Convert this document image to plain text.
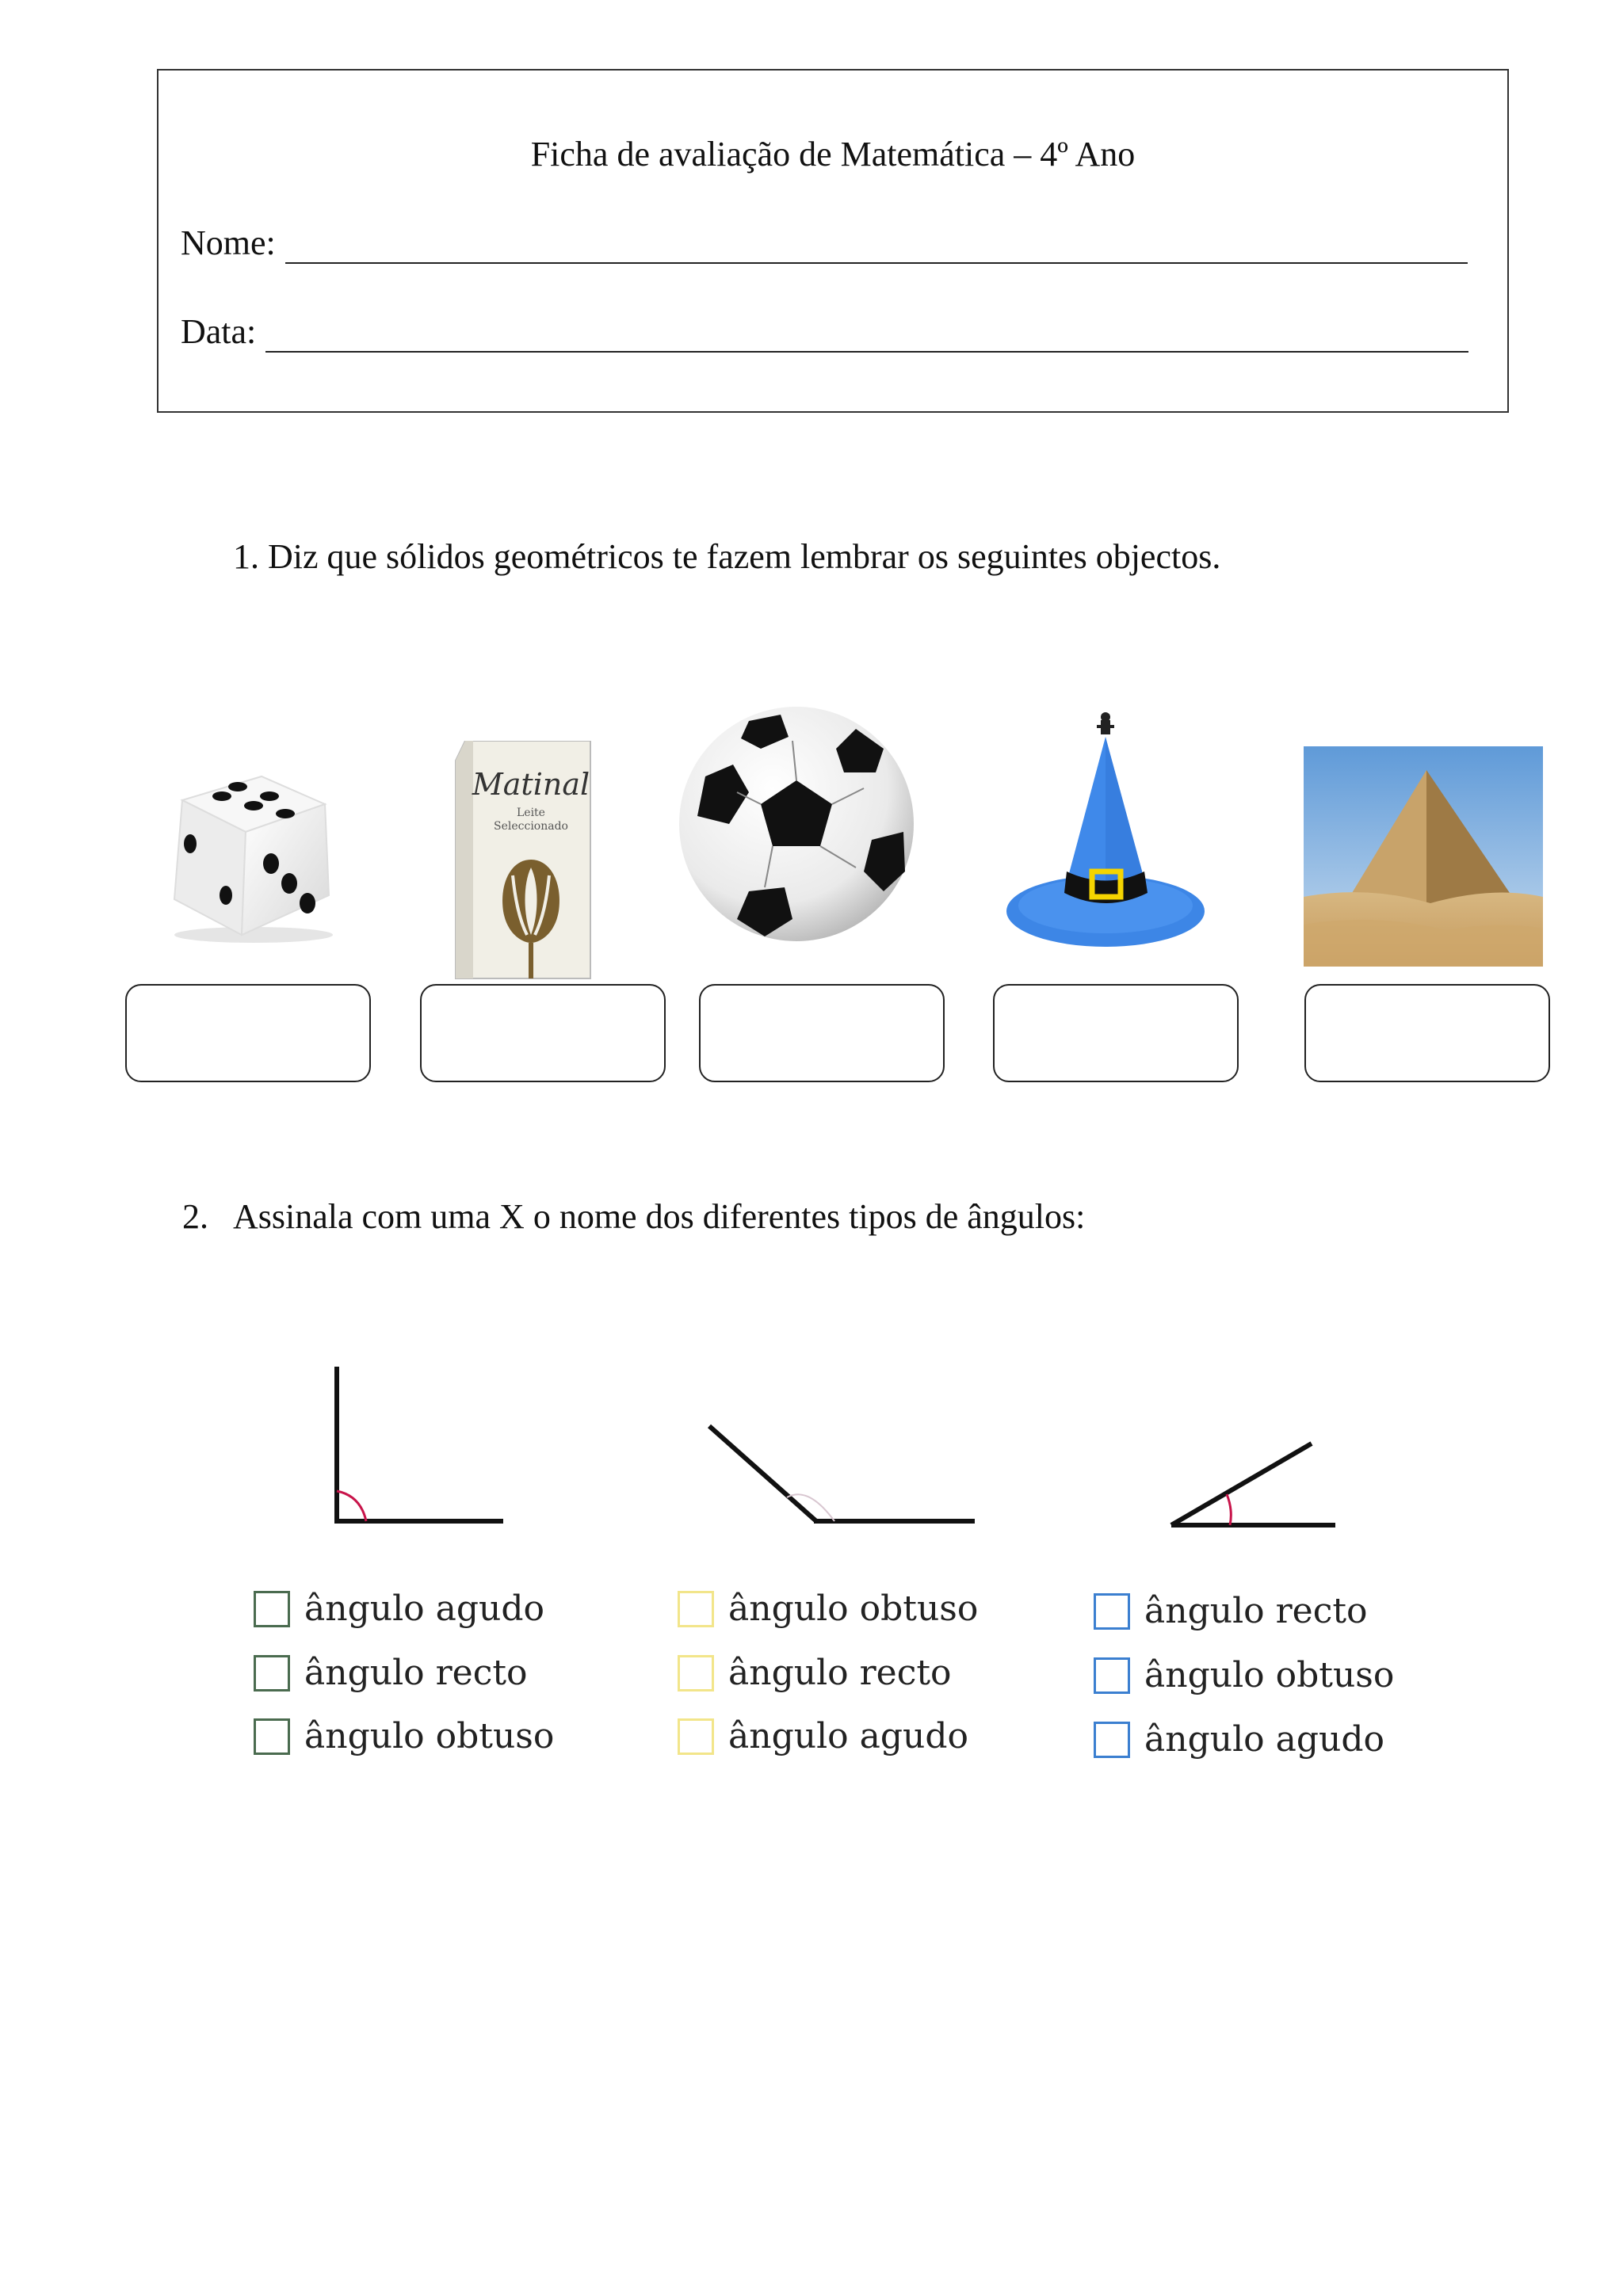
Ficha de avaliação de Matemática – 4º Ano
Nome:
Data:
1. Diz que sólidos geométricos te fazem lembrar os seguintes objectos.
Matinal
Leite
Seleccionado
2. Assinala com uma X o nome dos diferentes tipos de ângulos:
ângulo agudo
ângulo recto
ângulo obtuso
ângulo obtuso
ângulo recto
ângulo agudo
ângulo recto
ângulo obtuso
ângulo agudo
